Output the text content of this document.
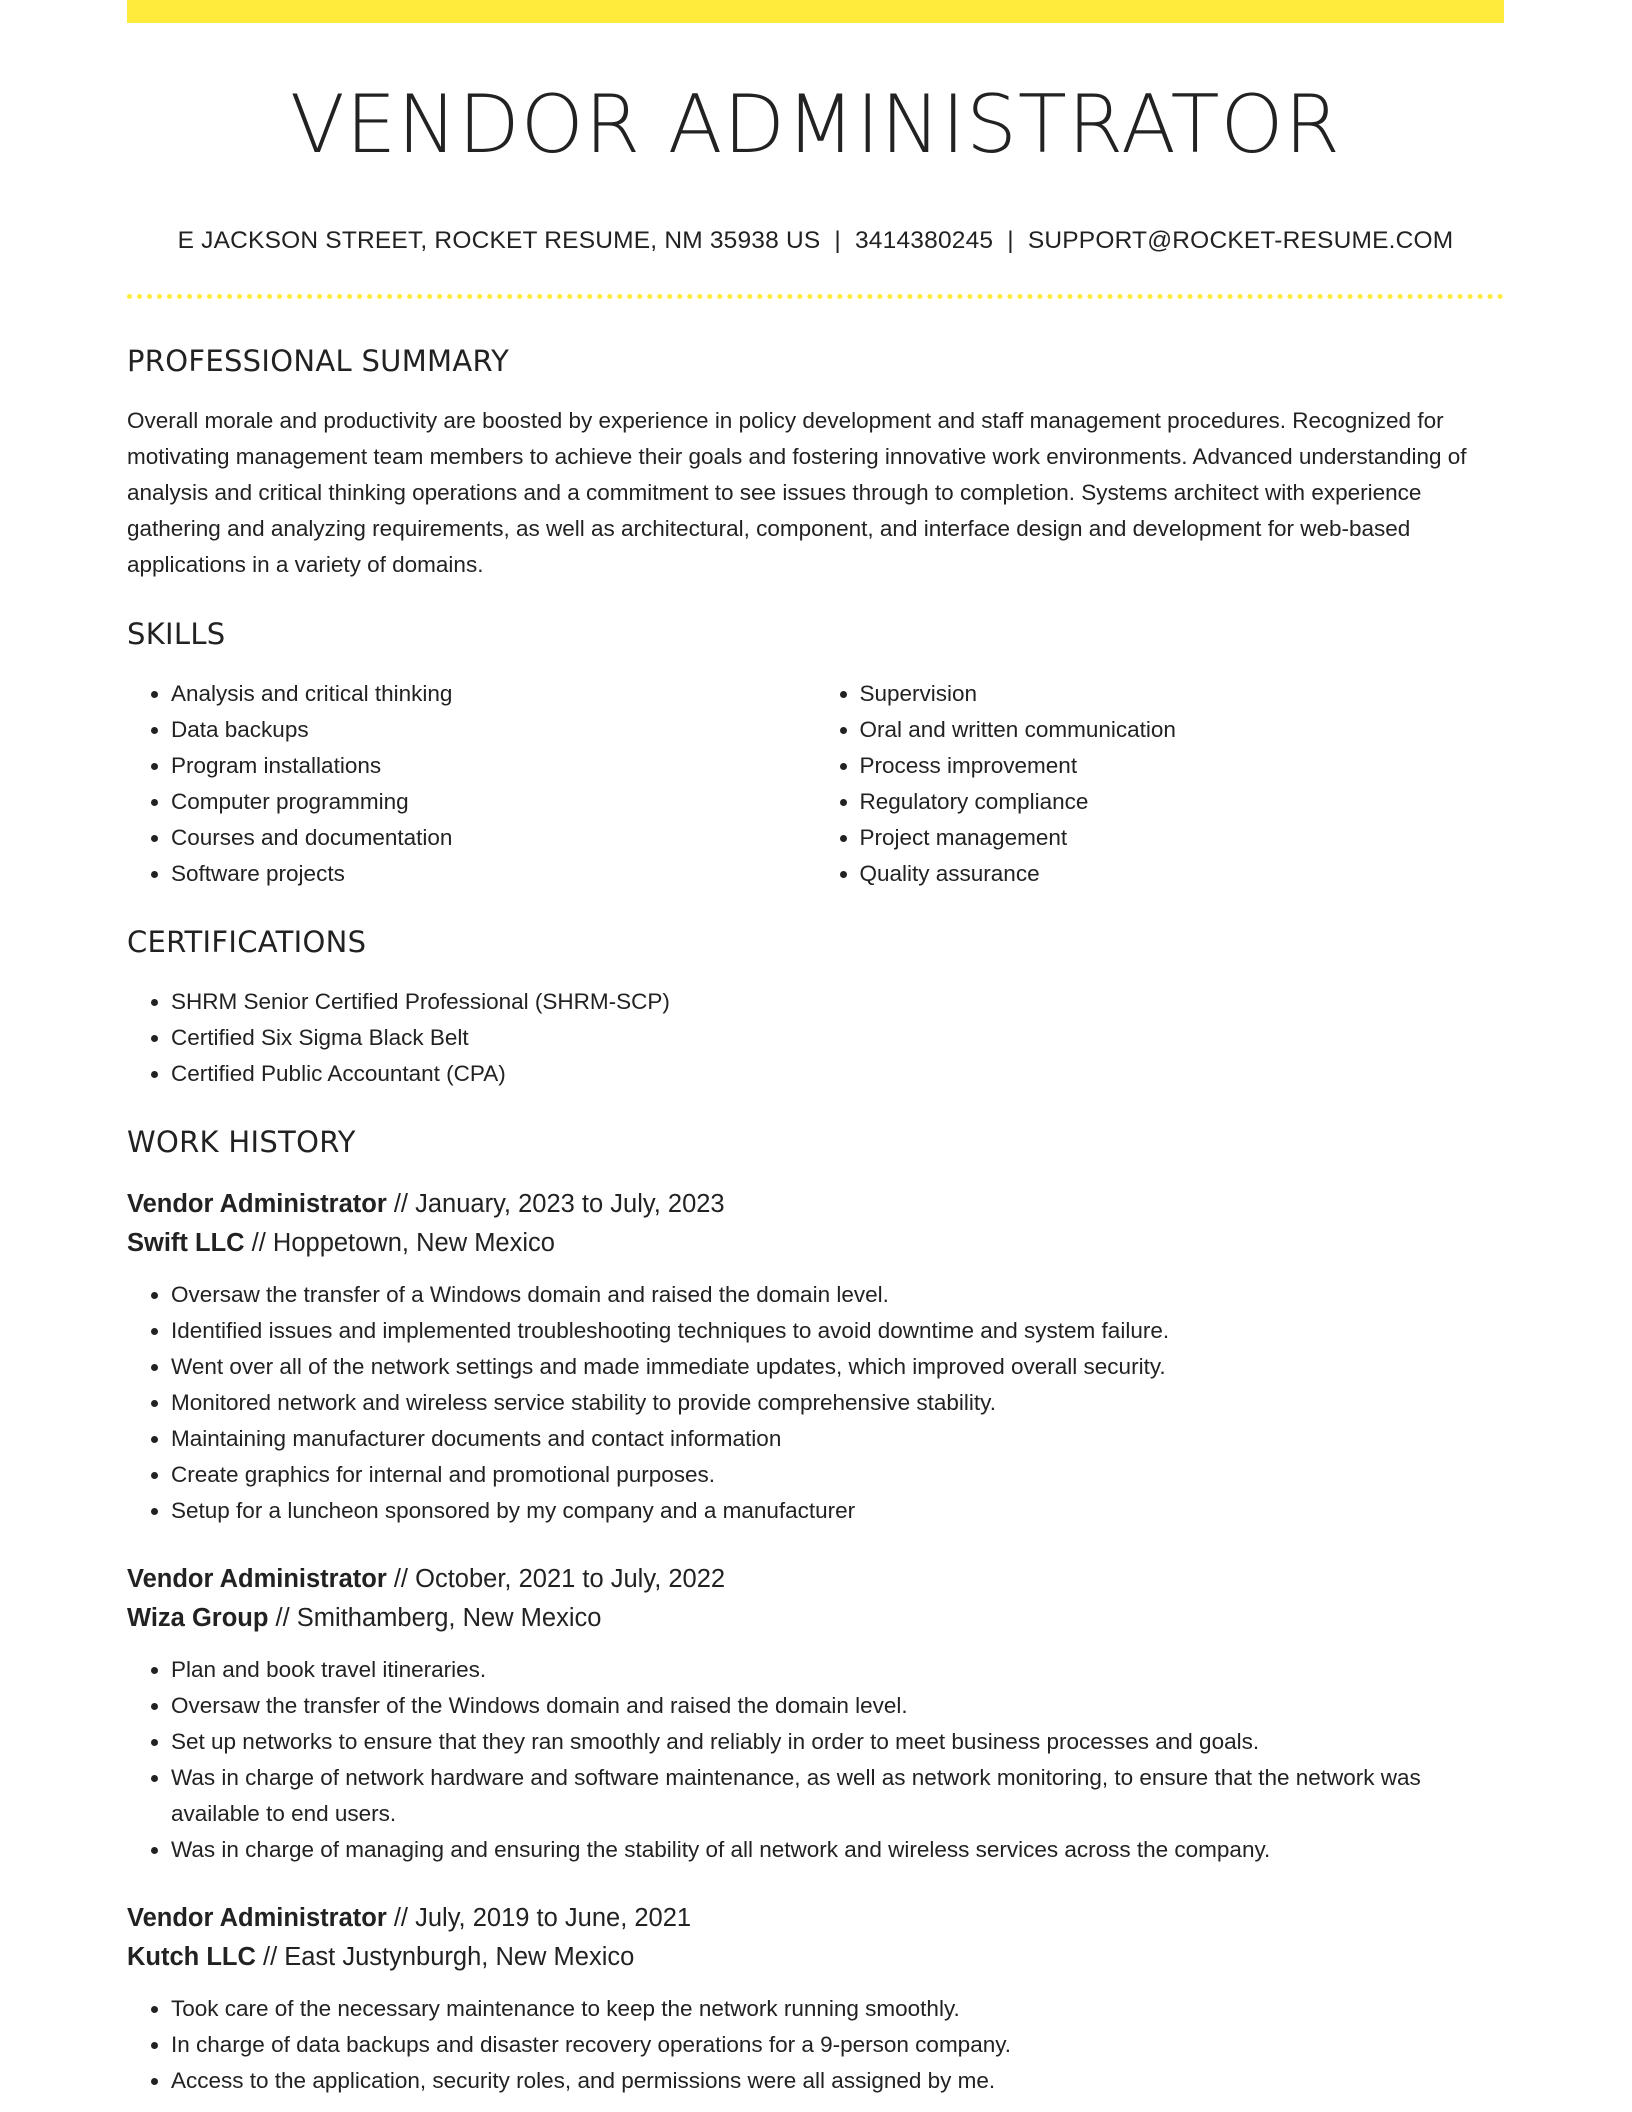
VENDOR ADMINISTRATOR
E JACKSON STREET, ROCKET RESUME, NM 35938 US | 3414380245 | SUPPORT@ROCKET-RESUME.COM
PROFESSIONAL SUMMARY

Overall morale and productivity are boosted by experience in policy development and staff management procedures. Recognized for motivating management team members to achieve their goals and fostering innovative work environments. Advanced understanding of analysis and critical thinking operations and a commitment to see issues through to completion. Systems architect with experience gathering and analyzing requirements, as well as architectural, component, and interface design and development for web-based applications in a variety of domains.

SKILLS
• Analysis and critical thinking
• Data backups
• Program installations
• Computer programming
• Courses and documentation
• Software projects
• Supervision
• Oral and written communication
• Process improvement
• Regulatory compliance
• Project management
• Quality assurance
CERTIFICATIONS
• SHRM Senior Certified Professional (SHRM-SCP)
• Certified Six Sigma Black Belt
• Certified Public Accountant (CPA)
WORK HISTORY
Vendor Administrator // January, 2023 to July, 2023
Swift LLC // Hoppetown, New Mexico
• Oversaw the transfer of a Windows domain and raised the domain level.
• Identified issues and implemented troubleshooting techniques to avoid downtime and system failure.
• Went over all of the network settings and made immediate updates, which improved overall security.
• Monitored network and wireless service stability to provide comprehensive stability.
• Maintaining manufacturer documents and contact information
• Create graphics for internal and promotional purposes.
• Setup for a luncheon sponsored by my company and a manufacturer
Vendor Administrator // October, 2021 to July, 2022
Wiza Group // Smithamberg, New Mexico
• Plan and book travel itineraries.
• Oversaw the transfer of the Windows domain and raised the domain level.
• Set up networks to ensure that they ran smoothly and reliably in order to meet business processes and goals.
• Was in charge of network hardware and software maintenance, as well as network monitoring, to ensure that the network was available to end users.
• Was in charge of managing and ensuring the stability of all network and wireless services across the company.
Vendor Administrator // July, 2019 to June, 2021
Kutch LLC // East Justynburgh, New Mexico
• Took care of the necessary maintenance to keep the network running smoothly.
• In charge of data backups and disaster recovery operations for a 9-person company.
• Access to the application, security roles, and permissions were all assigned by me.
